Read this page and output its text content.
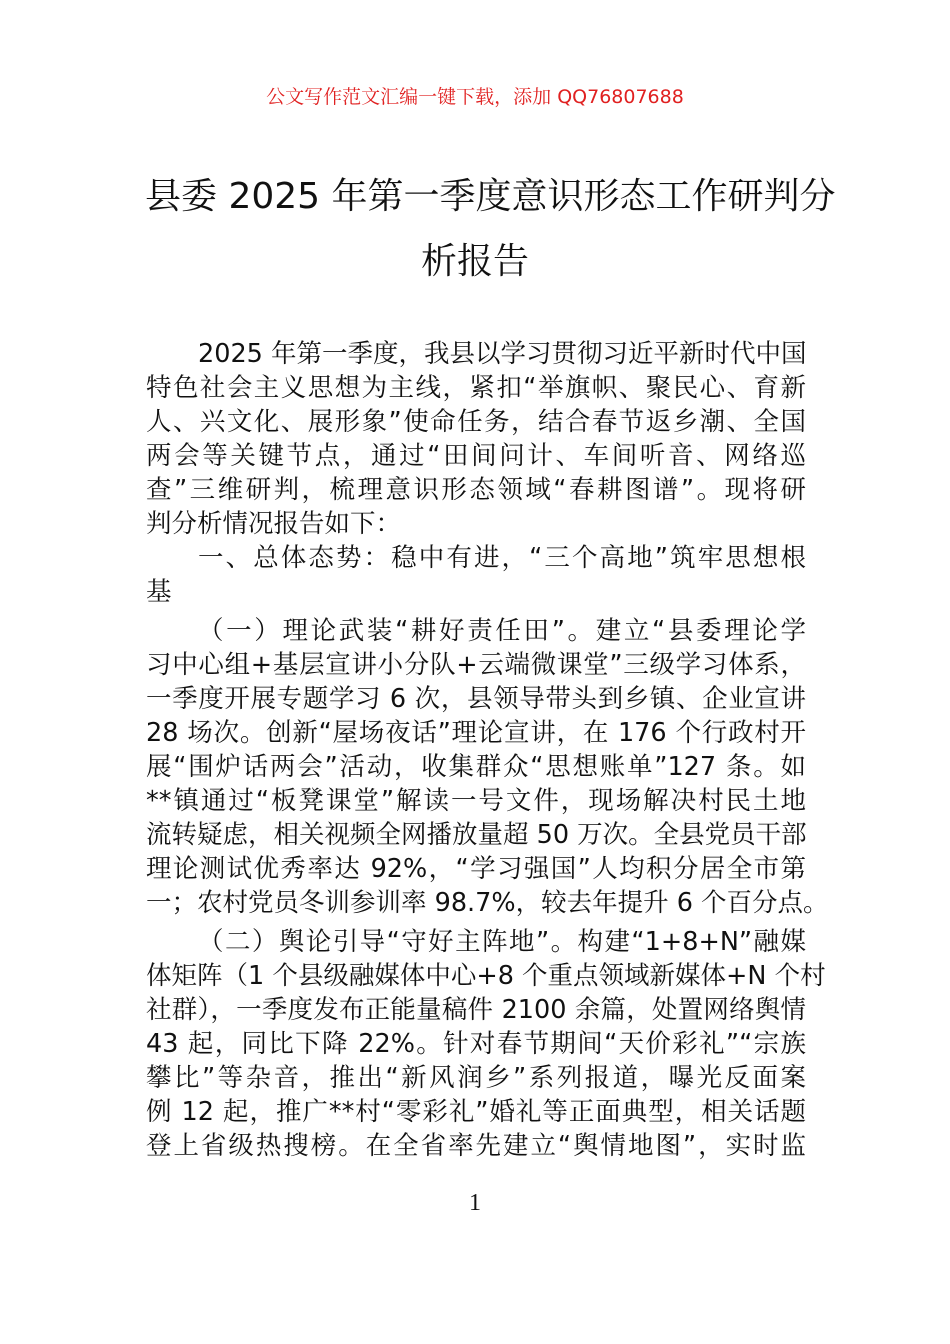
公文写作范文汇编一键下载，添加 QQ76807688
县委 2025 年第一季度意识形态工作研判分
析报告
2025 年第一季度，我县以学习贯彻习近平新时代中国
特色社会主义思想为主线，紧扣“举旗帜、聚民心、育新
人、兴文化、展形象”使命任务，结合春节返乡潮、全国
两会等关键节点，通过“田间问计、车间听音、网络巡
查”三维研判，梳理意识形态领域“春耕图谱”。现将研
判分析情况报告如下：
一、总体态势：稳中有进，“三个高地”筑牢思想根
基
（一）理论武装“耕好责任田”。建立“县委理论学
习中心组+基层宣讲小分队+云端微课堂”三级学习体系，
一季度开展专题学习 6 次，县领导带头到乡镇、企业宣讲
28 场次。创新“屋场夜话”理论宣讲，在 176 个行政村开
展“围炉话两会”活动，收集群众“思想账单”127 条。如
**镇通过“板凳课堂”解读一号文件，现场解决村民土地
流转疑虑，相关视频全网播放量超 50 万次。全县党员干部
理论测试优秀率达 92%，“学习强国”人均积分居全市第
一；农村党员冬训参训率 98.7%，较去年提升 6 个百分点。
（二）舆论引导“守好主阵地”。构建“1+8+N”融媒
体矩阵（1 个县级融媒体中心+8 个重点领域新媒体+N 个村
社群），一季度发布正能量稿件 2100 余篇，处置网络舆情
43 起，同比下降 22%。针对春节期间“天价彩礼”“宗族
攀比”等杂音，推出“新风润乡”系列报道，曝光反面案
例 12 起，推广**村“零彩礼”婚礼等正面典型，相关话题
登上省级热搜榜。在全省率先建立“舆情地图”，实时监
1
